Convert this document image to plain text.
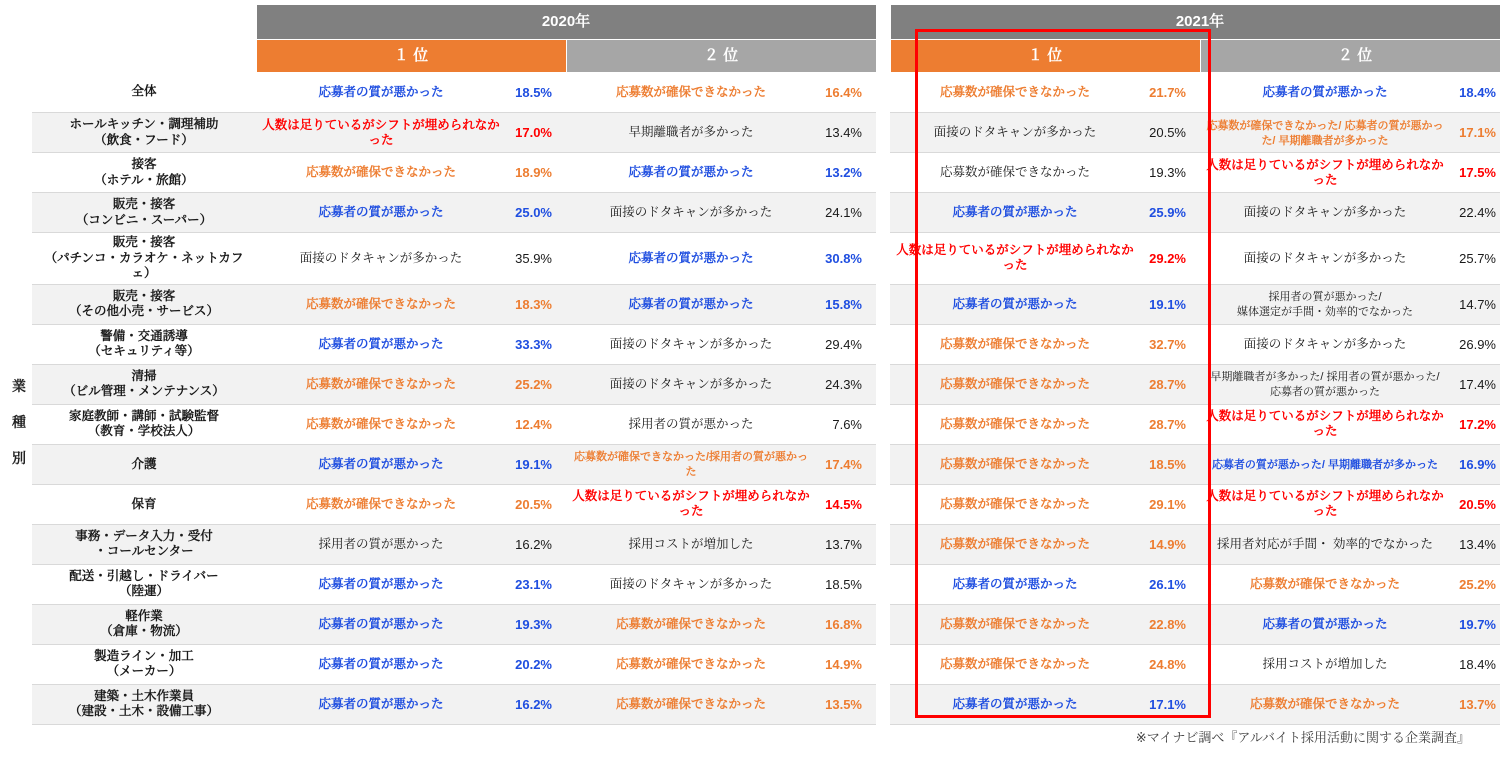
業
種
別
	2020年					2021年			
	１ 位		２ 位			１ 位		２ 位	
全体	応募者の質が悪かった	18.5%	応募数が確保できなかった	16.4%		応募数が確保できなかった	21.7%	応募者の質が悪かった	18.4%
ホールキッチン・調理補助
（飲食・フード）	人数は足りているがシフトが埋められなかった	17.0%	早期離職者が多かった	13.4%		面接のドタキャンが多かった	20.5%	応募数が確保できなかった/ 応募者の質が悪かった/ 早期離職者が多かった	17.1%
接客
（ホテル・旅館）	応募数が確保できなかった	18.9%	応募者の質が悪かった	13.2%		応募数が確保できなかった	19.3%	人数は足りているがシフトが埋められなかった	17.5%
販売・接客
（コンビニ・スーパー）	応募者の質が悪かった	25.0%	面接のドタキャンが多かった	24.1%		応募者の質が悪かった	25.9%	面接のドタキャンが多かった	22.4%
販売・接客
（パチンコ・カラオケ・ネットカフェ）	面接のドタキャンが多かった	35.9%	応募者の質が悪かった	30.8%		人数は足りているがシフトが埋められなかった	29.2%	面接のドタキャンが多かった	25.7%
販売・接客
（その他小売・サービス）	応募数が確保できなかった	18.3%	応募者の質が悪かった	15.8%		応募者の質が悪かった	19.1%	採用者の質が悪かった/
媒体選定が手間・効率的でなかった	14.7%
警備・交通誘導
（セキュリティ等）	応募者の質が悪かった	33.3%	面接のドタキャンが多かった	29.4%		応募数が確保できなかった	32.7%	面接のドタキャンが多かった	26.9%
清掃
（ビル管理・メンテナンス）	応募数が確保できなかった	25.2%	面接のドタキャンが多かった	24.3%		応募数が確保できなかった	28.7%	早期離職者が多かった/ 採用者の質が悪かった/ 応募者の質が悪かった	17.4%
家庭教師・講師・試験監督
（教育・学校法人）	応募数が確保できなかった	12.4%	採用者の質が悪かった	7.6%		応募数が確保できなかった	28.7%	人数は足りているがシフトが埋められなかった	17.2%
介護	応募者の質が悪かった	19.1%	応募数が確保できなかった/採用者の質が悪かった	17.4%		応募数が確保できなかった	18.5%	応募者の質が悪かった/ 早期離職者が多かった	16.9%
保育	応募数が確保できなかった	20.5%	人数は足りているがシフトが埋められなかった	14.5%		応募数が確保できなかった	29.1%	人数は足りているがシフトが埋められなかった	20.5%
事務・データ入力・受付
・コールセンター	採用者の質が悪かった	16.2%	採用コストが増加した	13.7%		応募数が確保できなかった	14.9%	採用者対応が手間・ 効率的でなかった	13.4%
配送・引越し・ドライバー
（陸運）	応募者の質が悪かった	23.1%	面接のドタキャンが多かった	18.5%		応募者の質が悪かった	26.1%	応募数が確保できなかった	25.2%
軽作業
（倉庫・物流）	応募者の質が悪かった	19.3%	応募数が確保できなかった	16.8%		応募数が確保できなかった	22.8%	応募者の質が悪かった	19.7%
製造ライン・加工
（メーカー）	応募者の質が悪かった	20.2%	応募数が確保できなかった	14.9%		応募数が確保できなかった	24.8%	採用コストが増加した	18.4%
建築・土木作業員
（建設・土木・設備工事）	応募者の質が悪かった	16.2%	応募数が確保できなかった	13.5%		応募者の質が悪かった	17.1%	応募数が確保できなかった	13.7%
※マイナビ調べ『アルバイト採用活動に関する企業調査』
